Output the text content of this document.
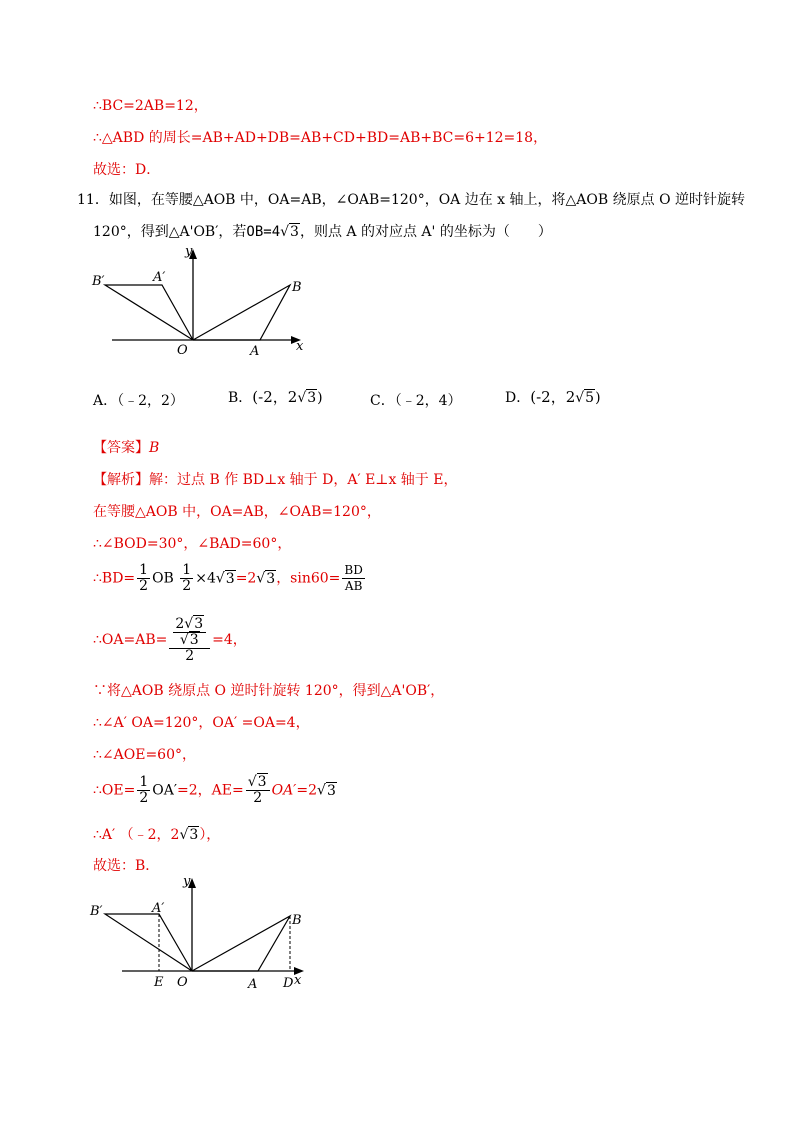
∴BC=2AB=12，
∴△ABD 的周长=AB+AD+DB=AB+CD+BD=AB+BC=6+12=18，
故选：D．
11．如图，在等腰△AOB 中，OA=AB，∠OAB=120°，OA 边在 x 轴上，将△AOB 绕原点 O 逆时针旋转
120°，得到△A'OB′，若OB=4√3，则点 A 的对应点 A' 的坐标为（　　）
y
x
O	A
B
A′
B′
A．（﹣2，2）	B．(-2，2√3)	C．（﹣2，4）	D．(-2，2√5)
【答案】B
【解析】解：过点 B 作 BD⊥x 轴于 D，A′ E⊥x 轴于 E，
在等腰△AOB 中，OA=AB，∠OAB=120°，
∴∠BOD=30°，∠BAD=60°，
∴BD= $\frac{1}{2}$ OB $\frac{1}{2} \times 4√3=2√3$，$\sin 60= \frac{BD}{AB}$
∴OA=AB= $\frac{\frac{2√3}{√3}}{2} =4$，
∵将△AOB 绕原点 O 逆时针旋转 120°，得到△A'OB′，
∴∠A′ OA=120°，OA′ =OA=4，
∴∠AOE=60°，
∴OE= $\frac{1}{2} OA'=2$，$AE= \frac{√3}{2} OA'=2√3$
∴A′ （﹣2，2√3），
故选：B．
y
x
O	A D
B
A′
B′
E
